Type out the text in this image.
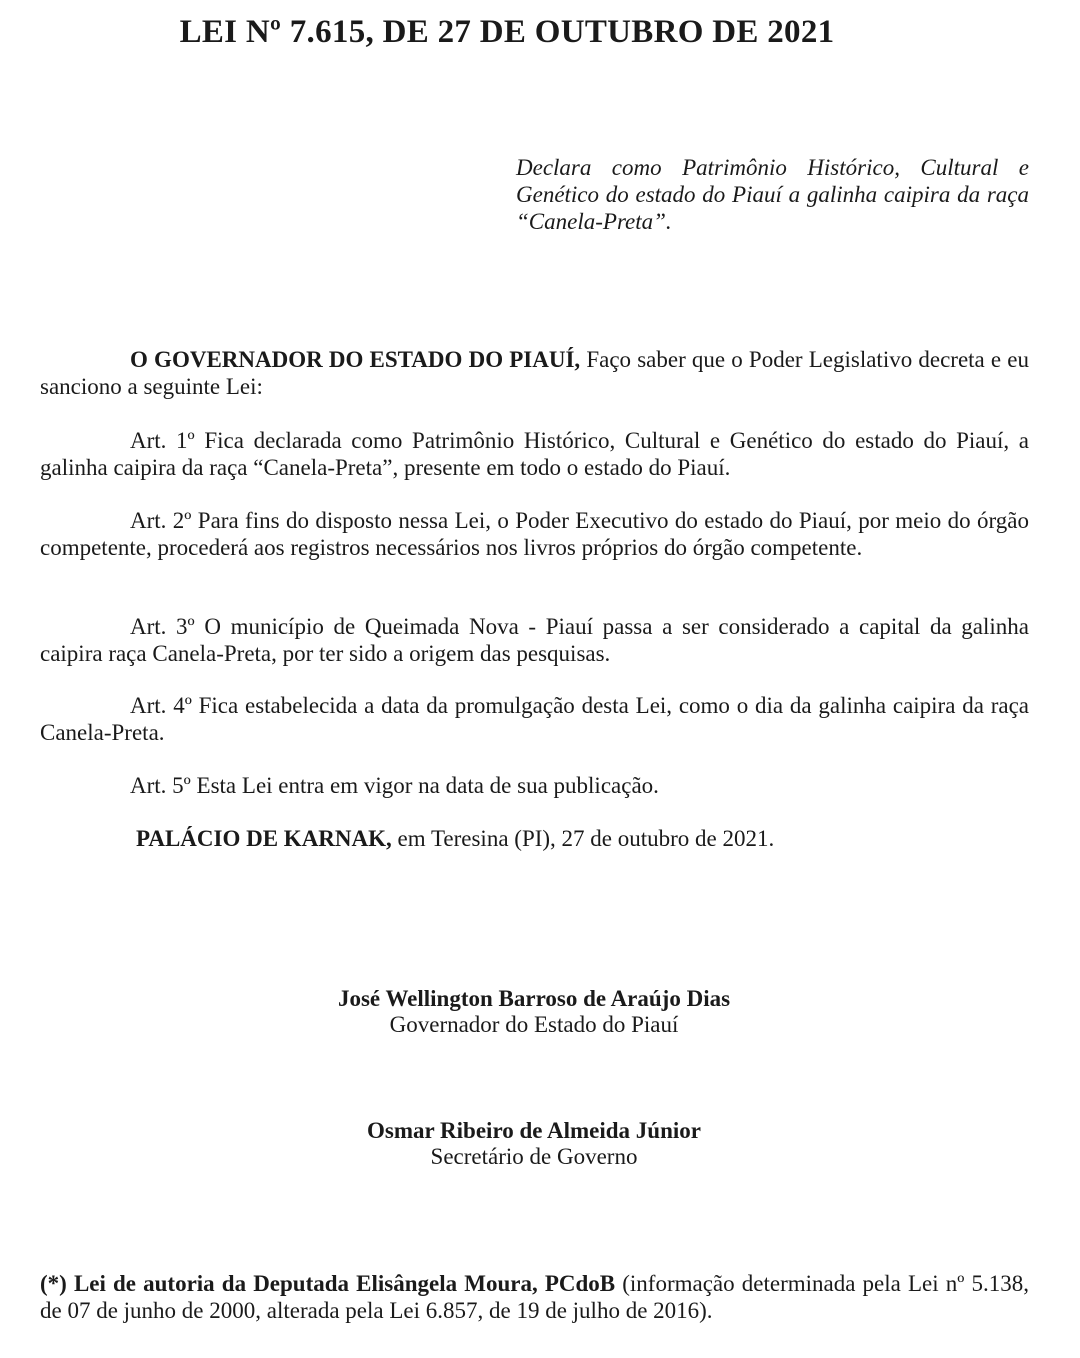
LEI Nº 7.615, DE 27 DE OUTUBRO DE 2021

Declara como Patrimônio Histórico, Cultural e Genético do estado do Piauí a galinha caipira da raça “Canela-Preta”.

O GOVERNADOR DO ESTADO DO PIAUÍ, Faço saber que o Poder Legislativo decreta e eu sanciono a seguinte Lei:

Art. 1º Fica declarada como Patrimônio Histórico, Cultural e Genético do estado do Piauí, a galinha caipira da raça “Canela-Preta”, presente em todo o estado do Piauí.

Art. 2º Para fins do disposto nessa Lei, o Poder Executivo do estado do Piauí, por meio do órgão competente, procederá aos registros necessários nos livros próprios do órgão competente.

Art. 3º O município de Queimada Nova - Piauí passa a ser considerado a capital da galinha caipira raça Canela-Preta, por ter sido a origem das pesquisas.

Art. 4º Fica estabelecida a data da promulgação desta Lei, como o dia da galinha caipira da raça Canela-Preta.

Art. 5º Esta Lei entra em vigor na data de sua publicação.

PALÁCIO DE KARNAK, em Teresina (PI), 27 de outubro de 2021.

José Wellington Barroso de Araújo Dias
Governador do Estado do Piauí
Osmar Ribeiro de Almeida Júnior
Secretário de Governo

(*) Lei de autoria da Deputada Elisângela Moura, PCdoB (informação determinada pela Lei nº 5.138, de 07 de junho de 2000, alterada pela Lei 6.857, de 19 de julho de 2016).
